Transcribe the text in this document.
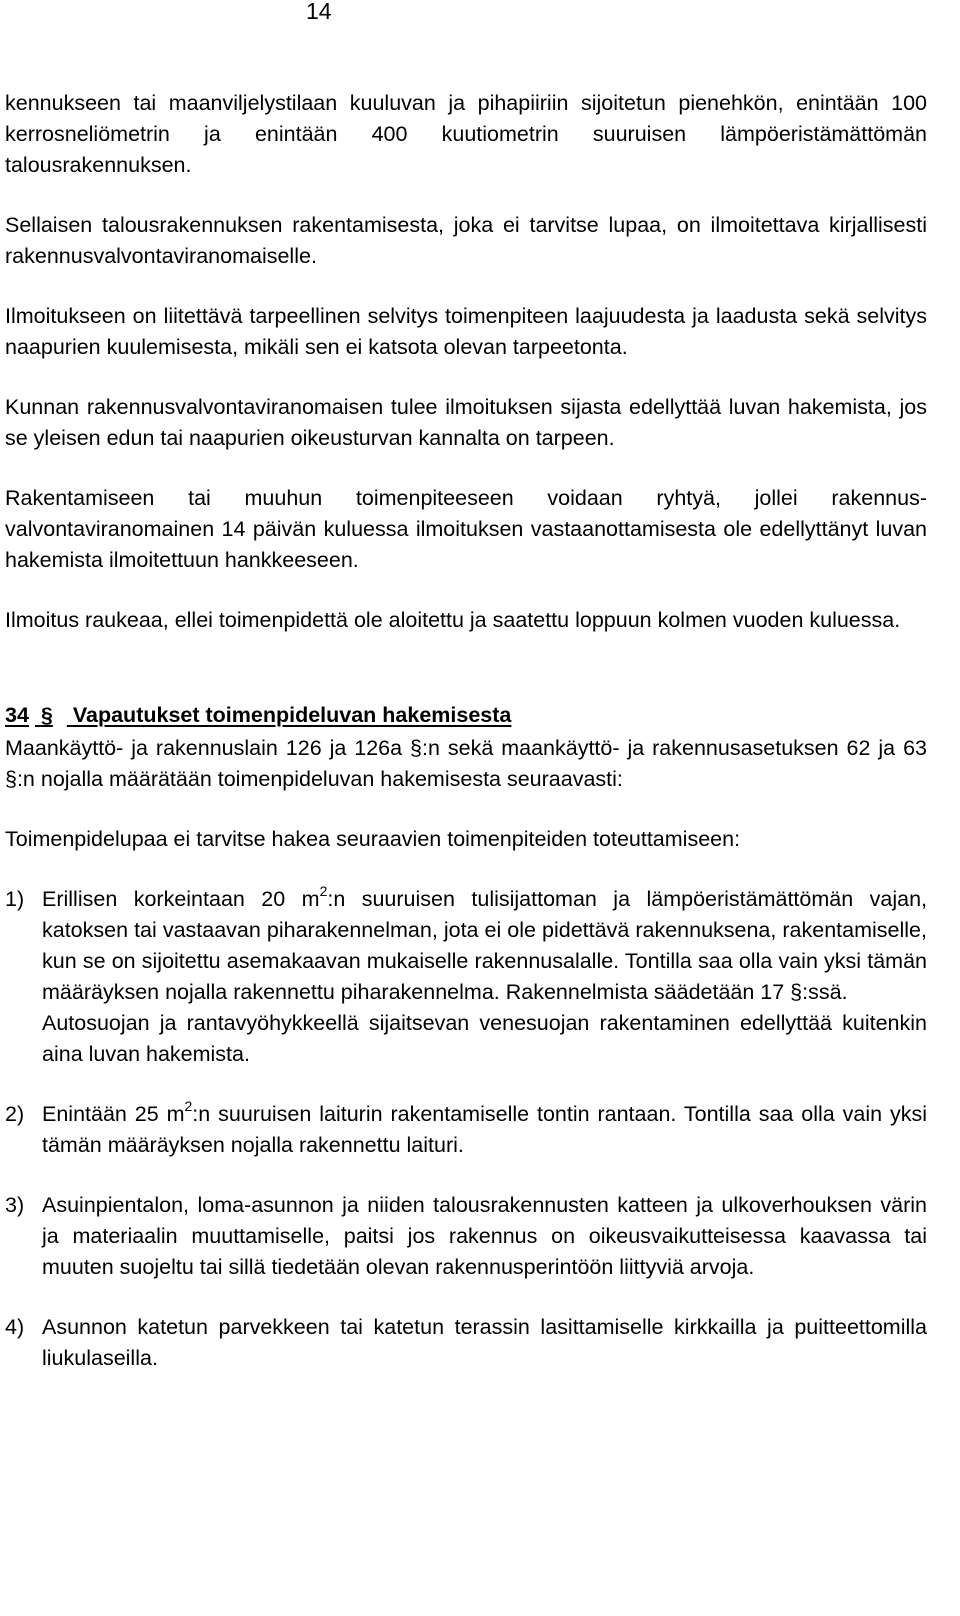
14

kennukseen tai maanviljelystilaan kuuluvan ja pihapiiriin sijoitetun pienehkön, enintään 100 kerrosneliömetrin ja enintään 400 kuutiometrin suuruisen lämpöeristämättömän talousrakennuksen.

Sellaisen talousrakennuksen rakentamisesta, joka ei tarvitse lupaa, on ilmoitettava kirjallisesti rakennusvalvontaviranomaiselle.

Ilmoitukseen on liitettävä tarpeellinen selvitys toimenpiteen laajuudesta ja laadusta sekä selvitys naapurien kuulemisesta, mikäli sen ei katsota olevan tarpeetonta.

Kunnan rakennusvalvontaviranomaisen tulee ilmoituksen sijasta edellyttää luvan hakemista, jos se yleisen edun tai naapurien oikeusturvan kannalta on tarpeen.

Rakentamiseen tai muuhun toimenpiteeseen voidaan ryhtyä, jollei rakennusvalvontaviranomainen 14 päivän kuluessa ilmoituksen vastaanottamisesta ole edellyttänyt luvan hakemista ilmoitettuun hankkeeseen.

Ilmoitus raukeaa, ellei toimenpidettä ole aloitettu ja saatettu loppuun kolmen vuoden kuluessa.

34 § Vapautukset toimenpideluvan hakemisesta

Maankäyttö- ja rakennuslain 126 ja 126a §:n sekä maankäyttö- ja rakennusasetuksen 62 ja 63 §:n nojalla määrätään toimenpideluvan hakemisesta seuraavasti:

Toimenpidelupaa ei tarvitse hakea seuraavien toimenpiteiden toteuttamiseen:

1) Erillisen korkeintaan 20 $m^2:n$ suuruisen tulisijattoman ja lämpöeristämättömän vajan, katoksen tai vastaavan piharakennelman, jota ei ole pidettävä rakennuksena, rakentamiselle, kun se on sijoitettu asemakaavan mukaiselle rakennusalalle. Tontilla saa olla vain yksi tämän määräyksen nojalla rakennettu piharakennelma. Rakennelmista säädetään 17 §:ssä.
Autosuojan ja rantavyöhykkeellä sijaitsevan venesuojan rakentaminen edellyttää kuitenkin aina luvan hakemista.
2) Enintään 25 $m^2:n$ suuruisen laiturin rakentamiselle tontin rantaan. Tontilla saa olla vain yksi tämän määräyksen nojalla rakennettu laituri.
3) Asuinpientalon, loma-asunnon ja niiden talousrakennusten katteen ja ulkoverhouksen värin ja materiaalin muuttamiselle, paitsi jos rakennus on oikeusvaikutteisessa kaavassa tai muuten suojeltu tai sillä tiedetään olevan rakennusperintöön liittyviä arvoja.
4) Asunnon katetun parvekkeen tai katetun terassin lasittamiselle kirkkailla ja puitteettomilla liukulaseilla.
